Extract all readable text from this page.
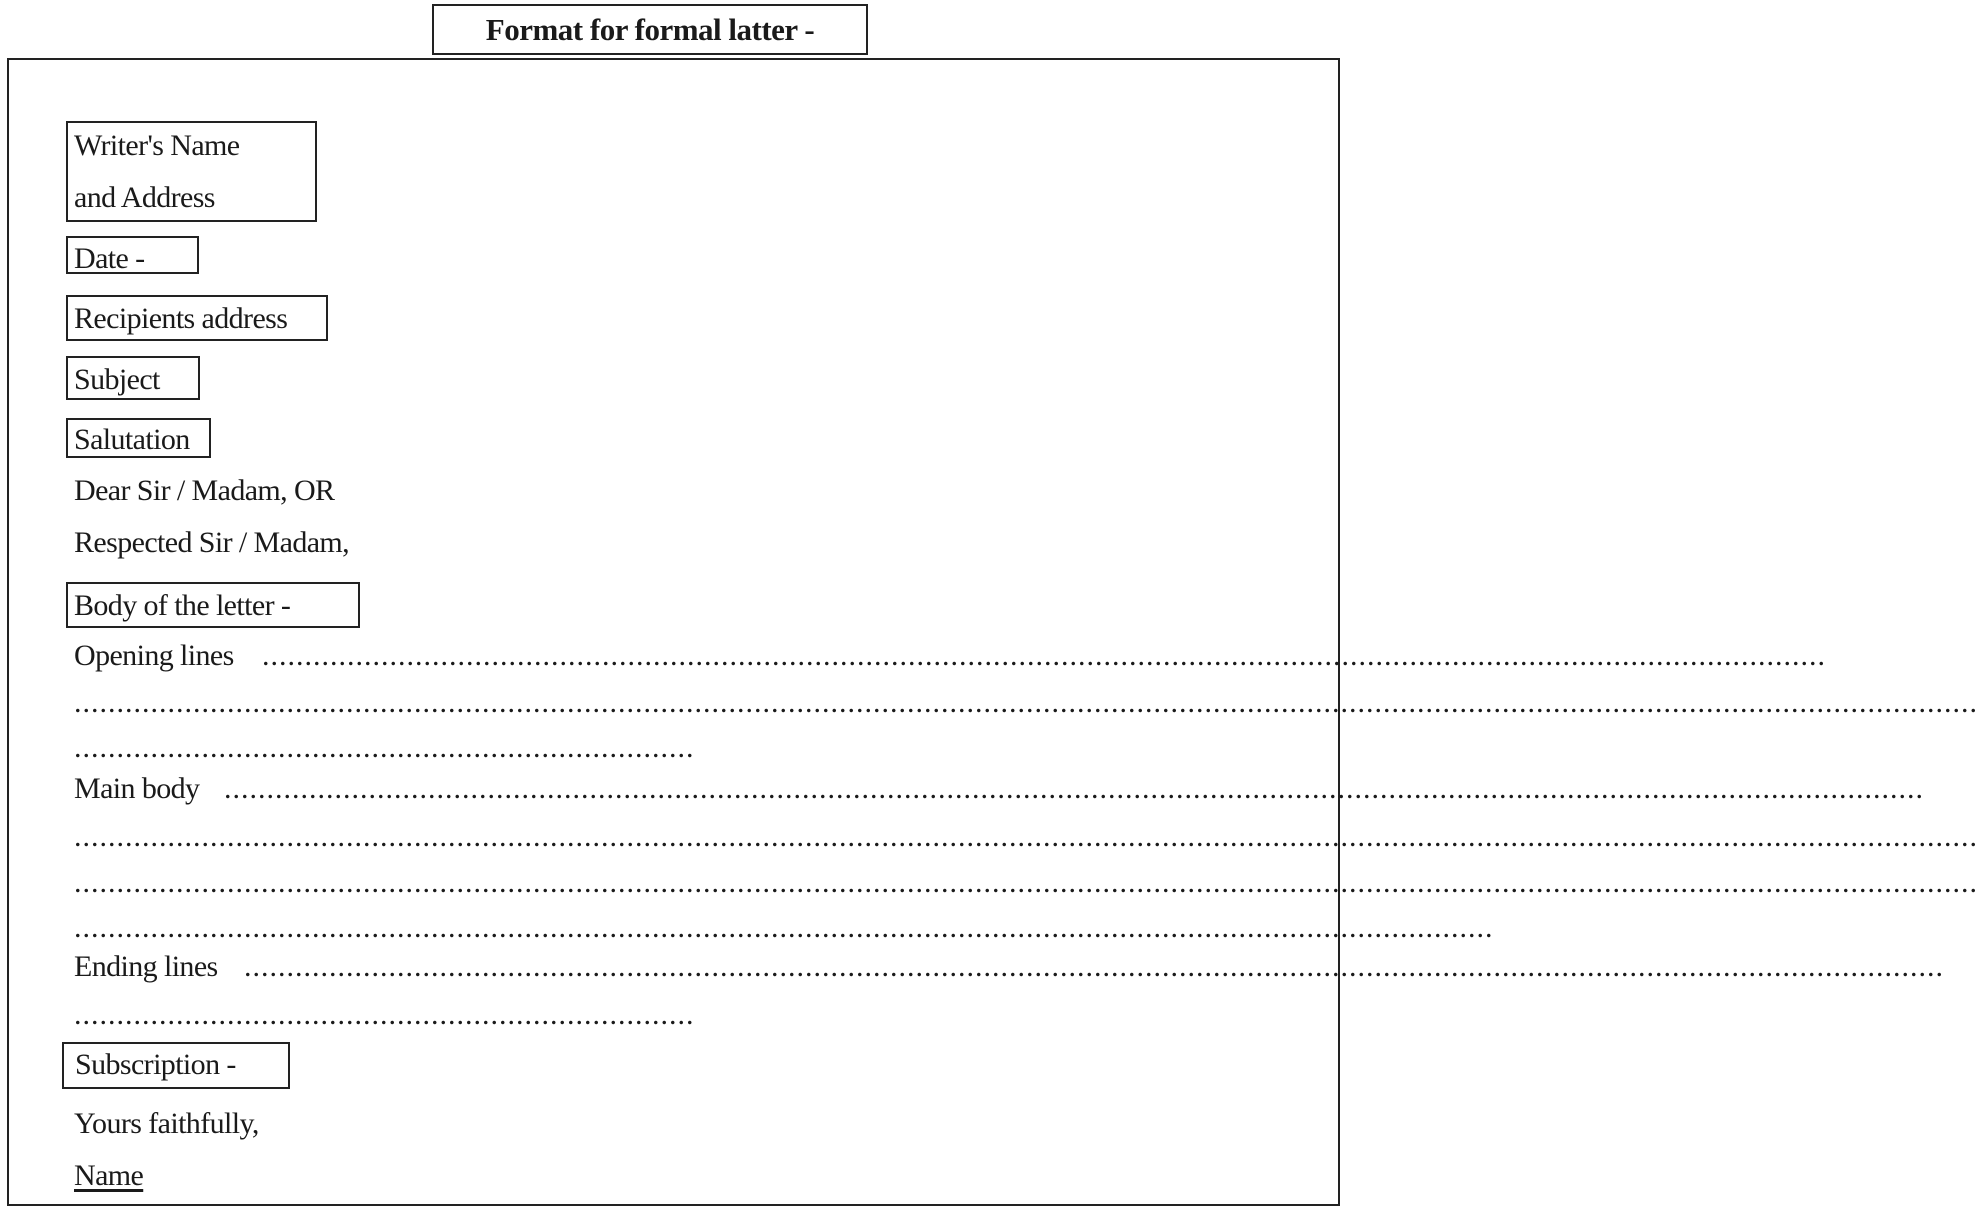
Format for formal latter -
Writer's Name
and Address
Date -
Recipients address
Subject
Salutation
Dear Sir / Madam, OR
Respected Sir / Madam,
Body of the letter -
Opening lines ........................................................................................................................................................................................
................................................................................................................................................................................................................................
.........................................................................
Main body ........................................................................................................................................................................................................
................................................................................................................................................................................................................................
................................................................................................................................................................................................................................
.......................................................................................................................................................................
Ending lines ........................................................................................................................................................................................................
.........................................................................
Subscription -
Yours faithfully,
Name
